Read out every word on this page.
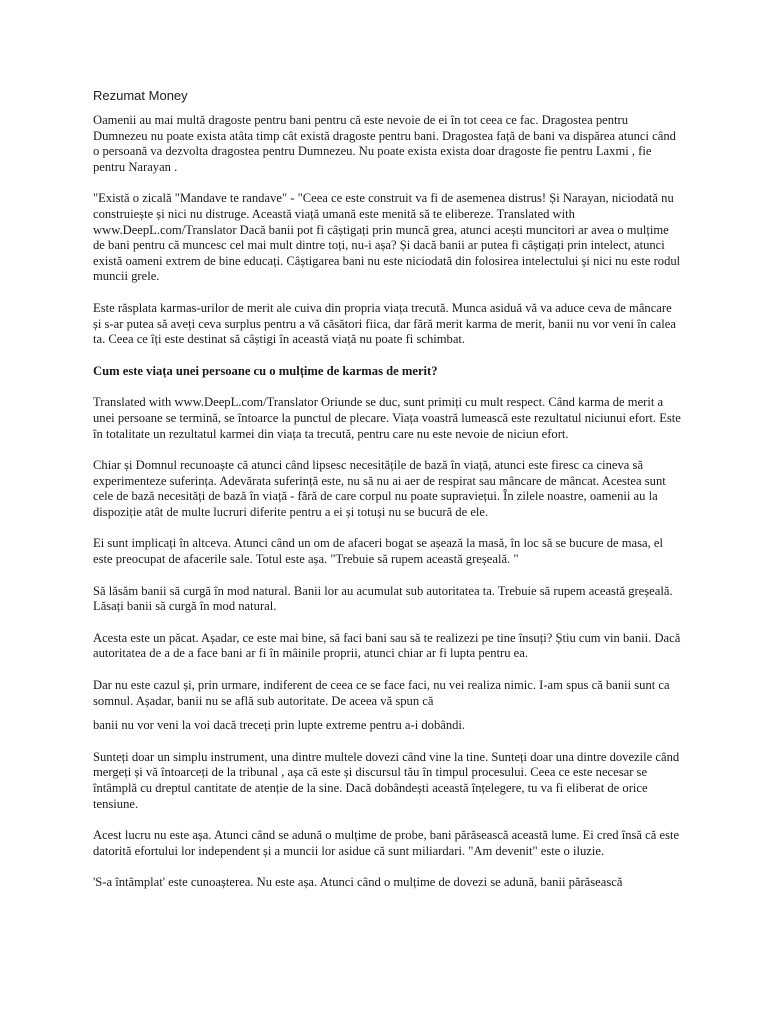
Rezumat Money

Oamenii au mai multă dragoste pentru bani pentru că este nevoie de ei în tot ceea ce fac. Dragostea pentru Dumnezeu nu poate exista atâta timp cât există dragoste pentru bani. Dragostea față de bani va dispărea atunci când o persoană va dezvolta dragostea pentru Dumnezeu. Nu poate exista exista doar dragoste fie pentru Laxmi , fie pentru Narayan .

"Există o zicală "Mandave te randave" - "Ceea ce este construit va fi de asemenea distrus! Și Narayan, niciodată nu construiește și nici nu distruge. Această viață umană este menită să te elibereze. Translated with www.DeepL.com/Translator Dacă banii pot fi câștigați prin muncă grea, atunci acești muncitori ar avea o mulțime de bani pentru că muncesc cel mai mult dintre toți, nu-i așa? Și dacă banii ar putea fi câștigați prin intelect, atunci există oameni extrem de bine educați. Câștigarea bani nu este niciodată din folosirea intelectului și nici nu este rodul muncii grele.

Este răsplata karmas-urilor de merit ale cuiva din propria viața trecută. Munca asiduă vă va aduce ceva de mâncare și s-ar putea să aveți ceva surplus pentru a vă căsători fiica, dar fără merit karma de merit, banii nu vor veni în calea ta. Ceea ce îți este destinat să câștigi în această viață nu poate fi schimbat.

Cum este viața unei persoane cu o mulțime de karmas de merit?

Translated with www.DeepL.com/Translator Oriunde se duc, sunt primiți cu mult respect. Când karma de merit a unei persoane se termină, se întoarce la punctul de plecare. Viața voastră lumească este rezultatul niciunui efort. Este în totalitate un rezultatul karmei din viața ta trecută, pentru care nu este nevoie de niciun efort.

Chiar și Domnul recunoaște că atunci când lipsesc necesitățile de bază în viață, atunci este firesc ca cineva să experimenteze suferința. Adevărata suferință este, nu să nu ai aer de respirat sau mâncare de mâncat. Acestea sunt cele de bază necesități de bază în viață - fără de care corpul nu poate supraviețui. În zilele noastre, oamenii au la dispoziție atât de multe lucruri diferite pentru a ei și totuși nu se bucură de ele.

Ei sunt implicați în altceva. Atunci când un om de afaceri bogat se așează la masă, în loc să se bucure de masa, el este preocupat de afacerile sale. Totul este așa. "Trebuie să rupem această greșeală. "

Să lăsăm banii să curgă în mod natural. Banii lor au acumulat sub autoritatea ta. Trebuie să rupem această greșeală. Lăsați banii să curgă în mod natural.

Acesta este un păcat. Așadar, ce este mai bine, să faci bani sau să te realizezi pe tine însuți? Știu cum vin banii. Dacă autoritatea de a de a face bani ar fi în mâinile proprii, atunci chiar ar fi lupta pentru ea.

Dar nu este cazul și, prin urmare, indiferent de ceea ce se face faci, nu vei realiza nimic. I-am spus că banii sunt ca somnul. Așadar, banii nu se află sub autoritate. De aceea vă spun că

banii nu vor veni la voi dacă treceți prin lupte extreme pentru a-i dobândi.

Sunteți doar un simplu instrument, una dintre multele dovezi când vine la tine. Sunteți doar una dintre dovezile când mergeți și vă întoarceți de la tribunal , așa că este și discursul tău în timpul procesului. Ceea ce este necesar se întâmplă cu dreptul cantitate de atenție de la sine. Dacă dobândești această înțelegere, tu va fi eliberat de orice tensiune.

Acest lucru nu este așa. Atunci când se adună o mulțime de probe, bani părăsească această lume. Ei cred însă că este datorită efortului lor independent și a muncii lor asidue că sunt miliardari. "Am devenit" este o iluzie.

'S-a întâmplat' este cunoașterea. Nu este așa. Atunci când o mulțime de dovezi se adună, banii părăsească
